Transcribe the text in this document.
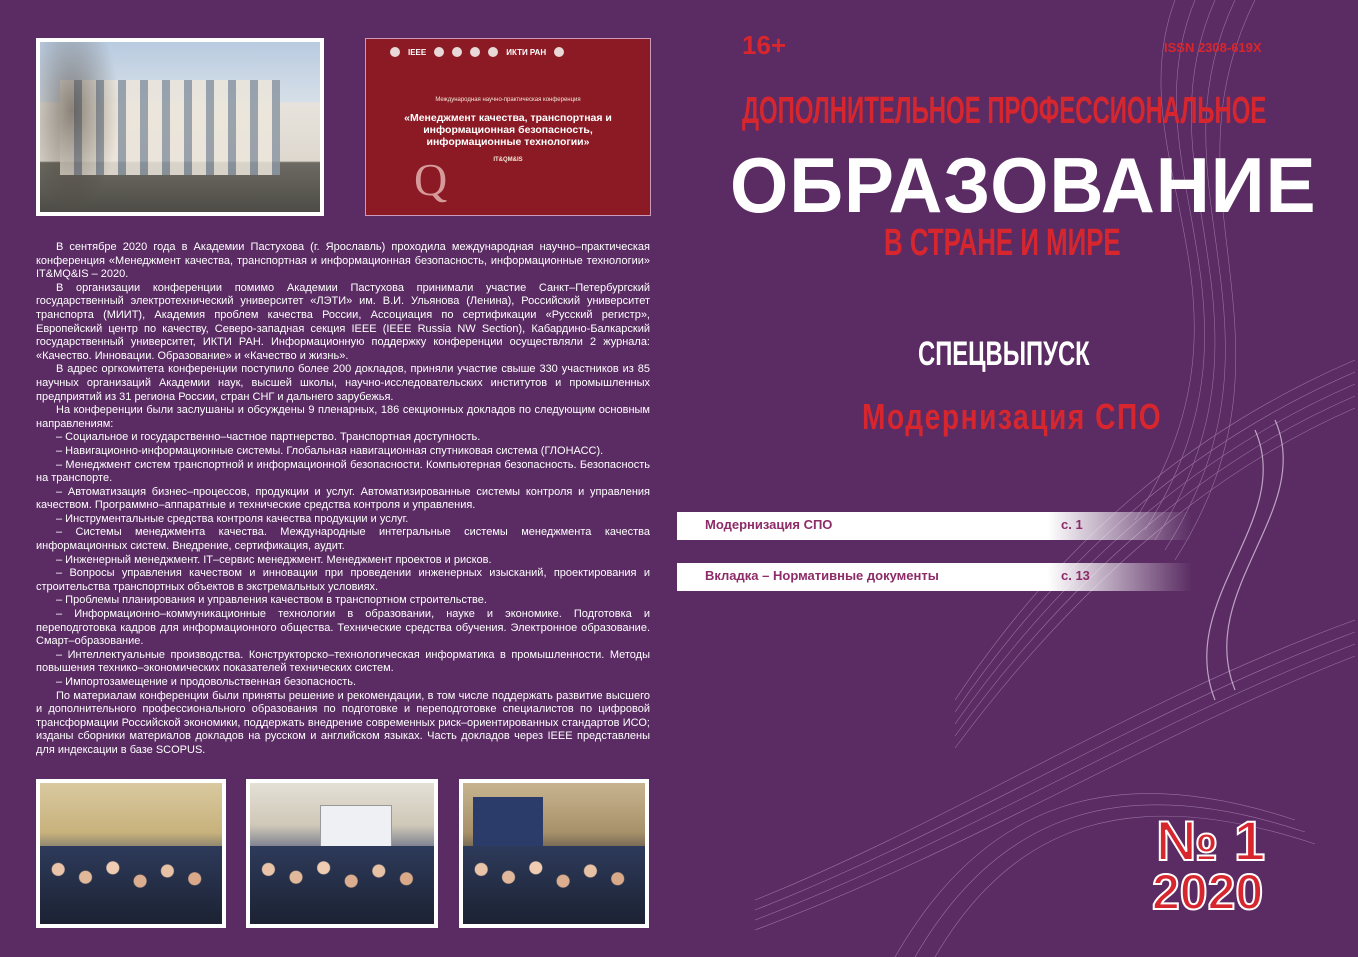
IEEE	ИКТИ РАН
Международная научно-практическая конференция
«Менеджмент качества, транспортная и информационная безопасность, информационные технологии»
IT&QM&IS
Q

В сентябре 2020 года в Академии Пастухова (г. Ярославль) проходила международная научно–практическая конференция «Менеджмент качества, транспортная и информационная безопасность, информационные технологии» IT&MQ&IS – 2020.

В организации конференции помимо Академии Пастухова принимали участие Санкт–Петербургский государственный электротехнический университет «ЛЭТИ» им. В.И. Ульянова (Ленина), Российский университет транспорта (МИИТ), Академия проблем качества России, Ассоциация по сертификации «Русский регистр», Европейский центр по качеству, Северо-западная секция IEEE (IEEE Russia NW Section), Кабардино-Балкарский государственный университет, ИКТИ РАН. Информационную поддержку конференции осуществляли 2 журнала: «Качество. Инновации. Образование» и «Качество и жизнь».

В адрес оргкомитета конференции поступило более 200 докладов, приняли участие свыше 330 участников из 85 научных организаций Академии наук, высшей школы, научно-исследовательских институтов и промышленных предприятий из 31 региона России, стран СНГ и дальнего зарубежья.

На конференции были заслушаны и обсуждены 9 пленарных, 186 секционных докладов по следующим основным направлениям:

– Социальное и государственно–частное партнерство. Транспортная доступность.

– Навигационно-информационные системы. Глобальная навигационная спутниковая система (ГЛОНАСС).

– Менеджмент систем транспортной и информационной безопасности. Компьютерная безопасность. Безопасность на транспорте.

– Автоматизация бизнес–процессов, продукции и услуг. Автоматизированные системы контроля и управления качеством. Программно–аппаратные и технические средства контроля и управления.

– Инструментальные средства контроля качества продукции и услуг.

– Системы менеджмента качества. Международные интегральные системы менеджмента качества информационных систем. Внедрение, сертификация, аудит.

– Инженерный менеджмент. IT–сервис менеджмент. Менеджмент проектов и рисков.

– Вопросы управления качеством и инновации при проведении инженерных изысканий, проектирования и строительства транспортных объектов в экстремальных условиях.

– Проблемы планирования и управления качеством в транспортном строительстве.

– Информационно–коммуникационные технологии в образовании, науке и экономике. Подготовка и переподготовка кадров для информационного общества. Технические средства обучения. Электронное образование. Смарт–образование.

– Интеллектуальные производства. Конструкторско–технологическая информатика в промышленности. Методы повышения технико–экономических показателей технических систем.

– Импортозамещение и продовольственная безопасность.

По материалам конференции были приняты решение и рекомендации, в том числе поддержать развитие высшего и дополнительного профессионального образования по подготовке и переподготовке специалистов по цифровой трансформации Российской экономики, поддержать внедрение современных риск–ориентированных стандартов ИСО; изданы сборники материалов докладов на русском и английском языках. Часть докладов через IEEE представлены для индексации в базе SCOPUS.

16+	ISSN 2308-619X
ДОПОЛНИТЕЛЬНОЕ ПРОФЕССИОНАЛЬНОЕ
ОБРАЗОВАНИЕ
В СТРАНЕ И МИРЕ
СПЕЦВЫПУСК
Модернизация СПО
Модернизация СПО	с. 1
Вкладка – Нормативные документы	с. 13
№ 1
2020
